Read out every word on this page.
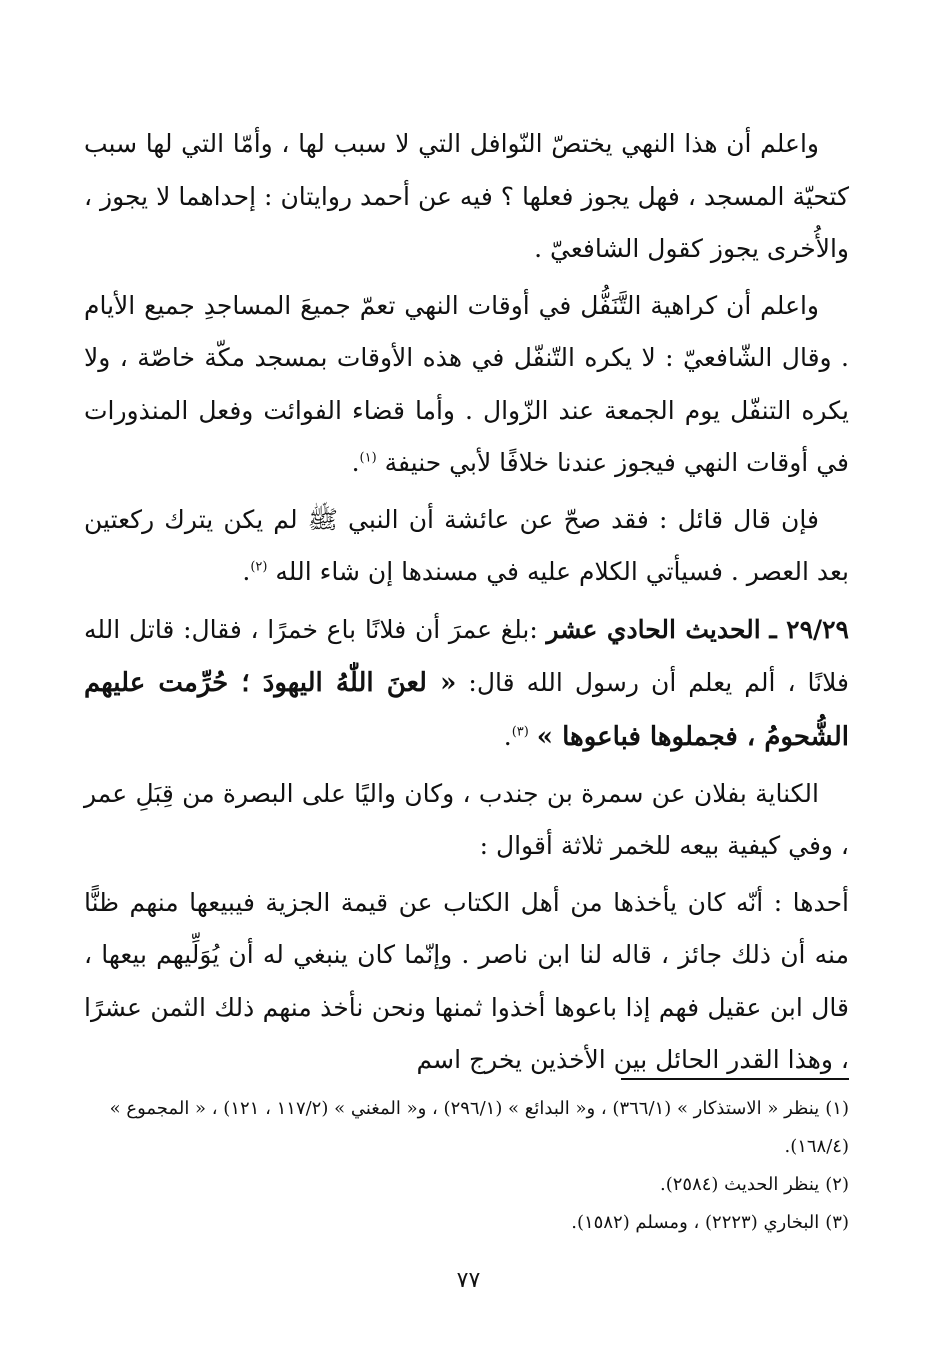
واعلم أن هذا النهي يختصّ النّوافل التي لا سبب لها ، وأمّا التي لها سبب كتحيّة المسجد ، فهل يجوز فعلها ؟ فيه عن أحمد روايتان : إحداهما لا يجوز ، والأُخرى يجوز كقول الشافعيّ .

واعلم أن كراهية التَّنَفُّل في أوقات النهي تعمّ جميعَ المساجدِ جميع الأيام . وقال الشّافعيّ : لا يكره التّنفّل في هذه الأوقات بمسجد مكّة خاصّة ، ولا يكره التنفّل يوم الجمعة عند الزّوال . وأما قضاء الفوائت وفعل المنذورات في أوقات النهي فيجوز عندنا خلافًا لأبي حنيفة $^{(١)}$.

فإن قال قائل : فقد صحّ عن عائشة أن النبي ﷺ لم يكن يترك ركعتين بعد العصر . فسيأتي الكلام عليه في مسندها إن شاء الله $^{(٢)}$.

٢٩/٢٩ ـ الحديث الحادي عشر :بلغ عمرَ أن فلانًا باع خمرًا ، فقال: قاتل الله فلانًا ، ألم يعلم أن رسول الله قال: « لعنَ اللّٰهُ اليهودَ ؛ حُرِّمت عليهم الشُّحومُ ، فجملوها فباعوها » $^{(٣)}$.

الكناية بفلان عن سمرة بن جندب ، وكان واليًا على البصرة من قِبَلِ عمر ، وفي كيفية بيعه للخمر ثلاثة أقوال :

أحدها : أنّه كان يأخذها من أهل الكتاب عن قيمة الجزية فيبيعها منهم ظنًّا منه أن ذلك جائز ، قاله لنا ابن ناصر . وإنّما كان ينبغي له أن يُوَلِّيهم بيعها ، قال ابن عقيل فهم إذا باعوها أخذوا ثمنها ونحن نأخذ منهم ذلك الثمن عشرًا ، وهذا القدر الحائل بين الأخذين يخرج اسم

(١)ينظر « الاستذكار » (٣٦٦/١) ، و« البدائع » (٢٩٦/١) ، و« المغني » (١١٧/٢ ، ١٢١) ، « المجموع » (١٦٨/٤).

(٢)ينظر الحديث (٢٥٨٤).

(٣)البخاري (٢٢٢٣) ، ومسلم (١٥٨٢).

٧٧
